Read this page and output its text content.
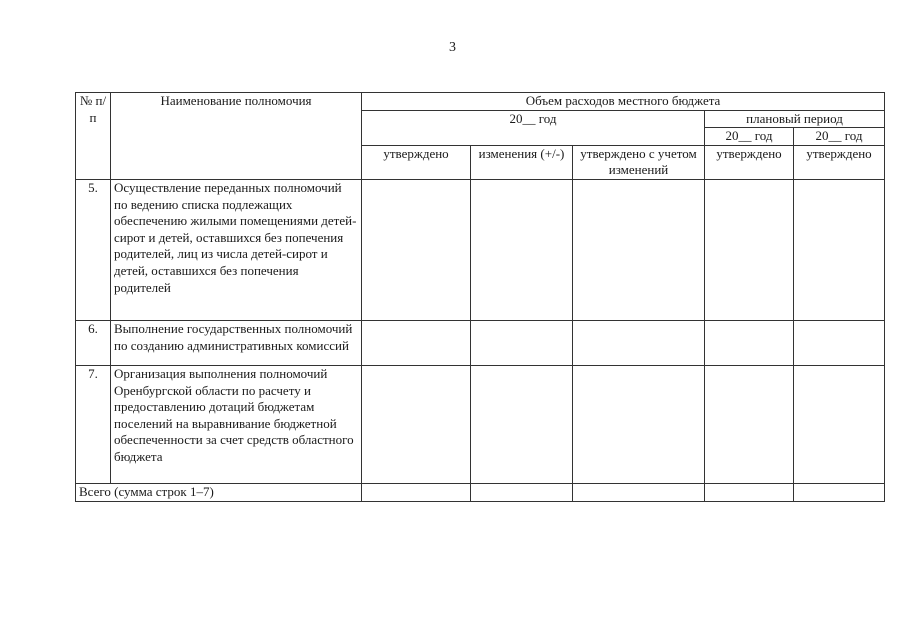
3
№ п/п	Наименование полномочия	Объем расходов местного бюджета				
		20__ год			плановый период	
					20__ год	20__ год
		утверждено	изменения (+/-)	утверждено с учетом изменений	утверждено	утверждено
5.	Осуществление переданных полномочий по ведению списка подлежащих обеспечению жилыми помещениями детей-сирот и детей, оставшихся без попечения родителей, лиц из числа детей-сирот и детей, оставшихся без попечения родителей					
6.	Выполнение государственных полномочий по созданию административных комиссий					
7.	Организация выполнения полномочий Оренбургской области по расчету и предоставлению дотаций бюджетам поселений на выравнивание бюджетной обеспеченности за счет средств областного бюджета					
Всего (сумма строк 1–7)						
